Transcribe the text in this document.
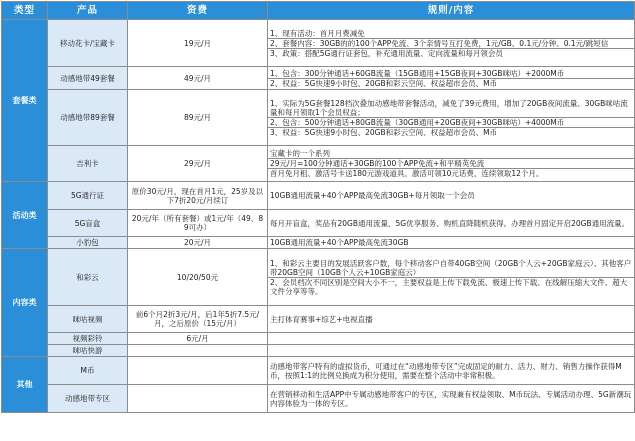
类型	产品	资费	规则/内容
套餐类	移动花卡/宝藏卡	19元/月	1、现有活动：首月月费减免
2、套餐内容：30GB的的100个APP免流、3个亲情号互打免费，1元/GB、0.1元/分钟、0.1元/跳短信
3、政策：搭配5G通行证套包，补充通用流量、定向流量和每月领会员

	动感地带49套餐	49元/月	1、包含：300分钟通话+60GB流量（15GB通用+15GB夜间+30GB咪咕）+2000M币
2、权益：5G快速9小时包、20GB和彩云空间、权益超市会员、M币

	动感地带89套餐	89元/月	1、实际为5G套餐128档次叠加动感地带套餐活动，减免了39元费用，增加了20GB夜间流量、30GB咪咕流量和每月领取1个会员权益；
2、包含：500分钟通话+80GB流量（30GB通用+20GB夜间+30GB咪咕）+4000M币
3、权益：5G快速9小时包、20GB和彩云空间、权益超市会员、M币

	吉利卡	29元/月	宝藏卡的一个系列
29元/月=100分钟通话+30GB的100个APP免流+和平精英免流
首月免月租、激活号卡送180元游戏道具。激活可领10元话费，连续领取12个月。

活动类	5G通行证	原价30元/月，现在首月1元，25岁及以下7折20元/月续订	10GB通用流量+40个APP最高免流30GB+每月领取一个会员

	5G盲盒	20元/年（所有套餐）或1元/年（49、89可办）	每月开盲盒，奖品有20GB通用流量、5G优享服务、购机直降随机获得。办理首月固定开启20GB通用流量。

	小豹包	20元/月	10GB通用流量+40个APP最高免流30GB

内容类	和彩云	10/20/50元	1、和彩云主要目的发展活跃客户数，每个移动客户自带40GB空间（20GB个人云+20GB家庭云）、其他客户带20GB空间（10GB个人云+10GB家庭云）
2、会员档次不同区别是空间大小不一，主要权益是上传下载免流、极速上传下载、在线解压缩大文件、超大文件分享等等。

	咪咕视频	前6个月2折3元/月，后1年5折7.5元/月，之后原价（15元/月）	主打体育赛事+综艺+电视直播

	视频彩铃	6元/月	
	咪咕快游		
其他	M币		动感地带客户特有的虚拟货币，可通过在“动感地带专区”完成固定的耐力、活力、财力、销售力操作获得M币，按照1:1的比例兑换成为积分使用，需要在整个活动中非常积极。

	动感地带专区		在营销移动和生活APP中专属动感地带客户的专区，实现兼有权益领取、M币玩法、专属活动办理、5G新潮玩内容体验为一体的专区。
